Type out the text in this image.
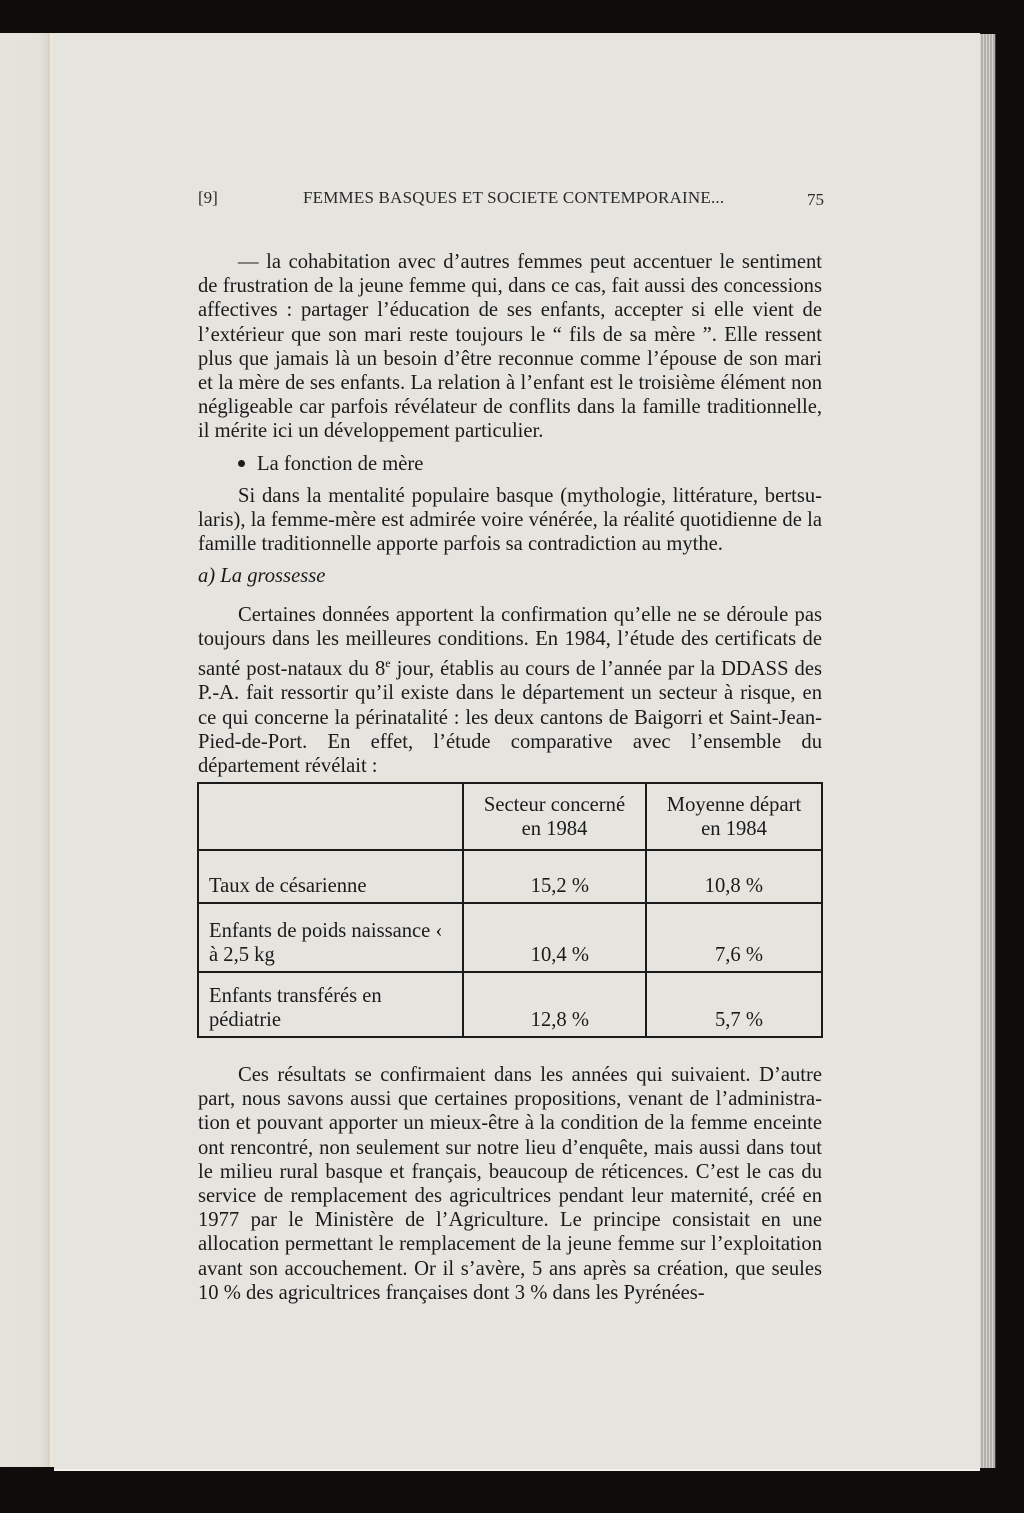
[9]	FEMMES BASQUES ET SOCIETE CONTEMPORAINE...	75

— la cohabitation avec d’autres femmes peut accentuer le sentiment de frustration de la jeune femme qui, dans ce cas, fait aussi des concessions affectives : partager l’éducation de ses enfants, accepter si elle vient de l’extérieur que son mari reste toujours le “ fils de sa mère ”. Elle ressent plus que jamais là un besoin d’être reconnue comme l’épouse de son mari et la mère de ses enfants. La relation à l’enfant est le troisième élément non négligeable car parfois révélateur de conflits dans la famille traditionnelle, il mérite ici un développement particulier.

La fonction de mère

Si dans la mentalité populaire basque (mythologie, littérature, bertsularis), la femme-mère est admirée voire vénérée, la réalité quotidienne de la famille traditionnelle apporte parfois sa contradiction au mythe.

a) La grossesse

Certaines données apportent la confirmation qu’elle ne se déroule pas toujours dans les meilleures conditions. En 1984, l’étude des certificats de santé post-nataux du 8e jour, établis au cours de l’année par la DDASS des P.-A. fait ressortir qu’il existe dans le département un secteur à risque, en ce qui concerne la périnatalité : les deux cantons de Baigorri et Saint-Jean-Pied-de-Port. En effet, l’étude comparative avec l’ensemble du département révélait :

	Secteur concerné en 1984	Moyenne départ en 1984
Taux de césarienne	15,2 %	10,8 %
Enfants de poids naissance ‹ à 2,5 kg	10,4 %	7,6 %
Enfants transférés en pédiatrie	12,8 %	5,7 %

Ces résultats se confirmaient dans les années qui suivaient. D’autre part, nous savons aussi que certaines propositions, venant de l’administration et pouvant apporter un mieux-être à la condition de la femme enceinte ont rencontré, non seulement sur notre lieu d’enquête, mais aussi dans tout le milieu rural basque et français, beaucoup de réticences. C’est le cas du service de remplacement des agricultrices pendant leur maternité, créé en 1977 par le Ministère de l’Agriculture. Le principe consistait en une allocation permettant le remplacement de la jeune femme sur l’exploitation avant son accouchement. Or il s’avère, 5 ans après sa création, que seules 10 % des agricultrices françaises dont 3 % dans les Pyrénées-
